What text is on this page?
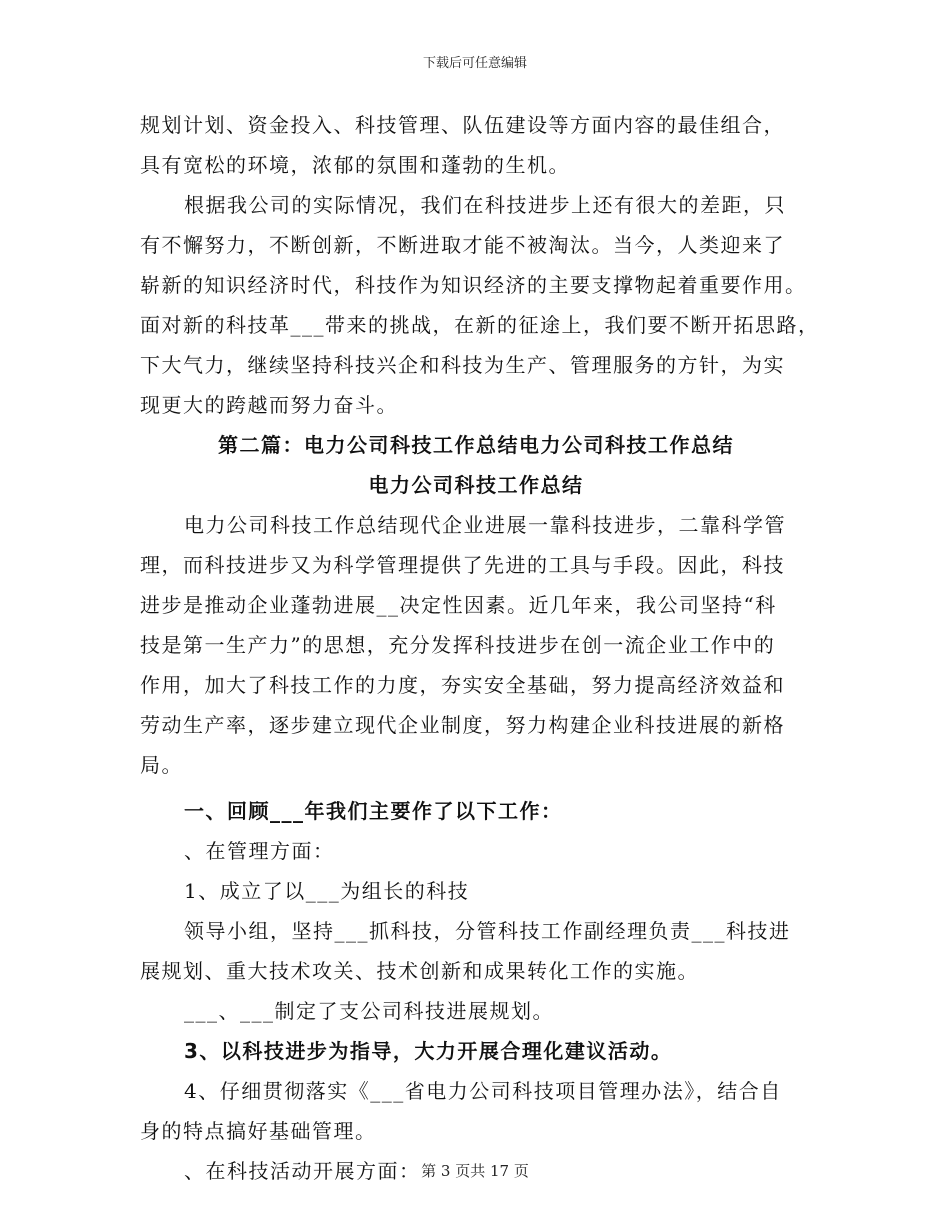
下载后可任意编辑
规划计划、资金投入、科技管理、队伍建设等方面内容的最佳组合，
具有宽松的环境，浓郁的氛围和蓬勃的生机。
根据我公司的实际情况，我们在科技进步上还有很大的差距，只
有不懈努力，不断创新，不断进取才能不被淘汰。当今，人类迎来了
崭新的知识经济时代，科技作为知识经济的主要支撑物起着重要作用。
面对新的科技革___带来的挑战，在新的征途上，我们要不断开拓思路，
下大气力，继续坚持科技兴企和科技为生产、管理服务的方针，为实
现更大的跨越而努力奋斗。
第二篇：电力公司科技工作总结电力公司科技工作总结
电力公司科技工作总结
电力公司科技工作总结现代企业进展一靠科技进步，二靠科学管
理，而科技进步又为科学管理提供了先进的工具与手段。因此，科技
进步是推动企业蓬勃进展__决定性因素。近几年来，我公司坚持“科
技是第一生产力”的思想，充分发挥科技进步在创一流企业工作中的
作用，加大了科技工作的力度，夯实安全基础，努力提高经济效益和
劳动生产率，逐步建立现代企业制度，努力构建企业科技进展的新格
局。
一、回顾___年我们主要作了以下工作：
、在管理方面：
1、成立了以___为组长的科技
领导小组，坚持___抓科技，分管科技工作副经理负责___科技进
展规划、重大技术攻关、技术创新和成果转化工作的实施。
___、___制定了支公司科技进展规划。
3、以科技进步为指导，大力开展合理化建议活动。
4、仔细贯彻落实《___省电力公司科技项目管理办法》，结合自
身的特点搞好基础管理。
、在科技活动开展方面： 第 3 页共 17 页
